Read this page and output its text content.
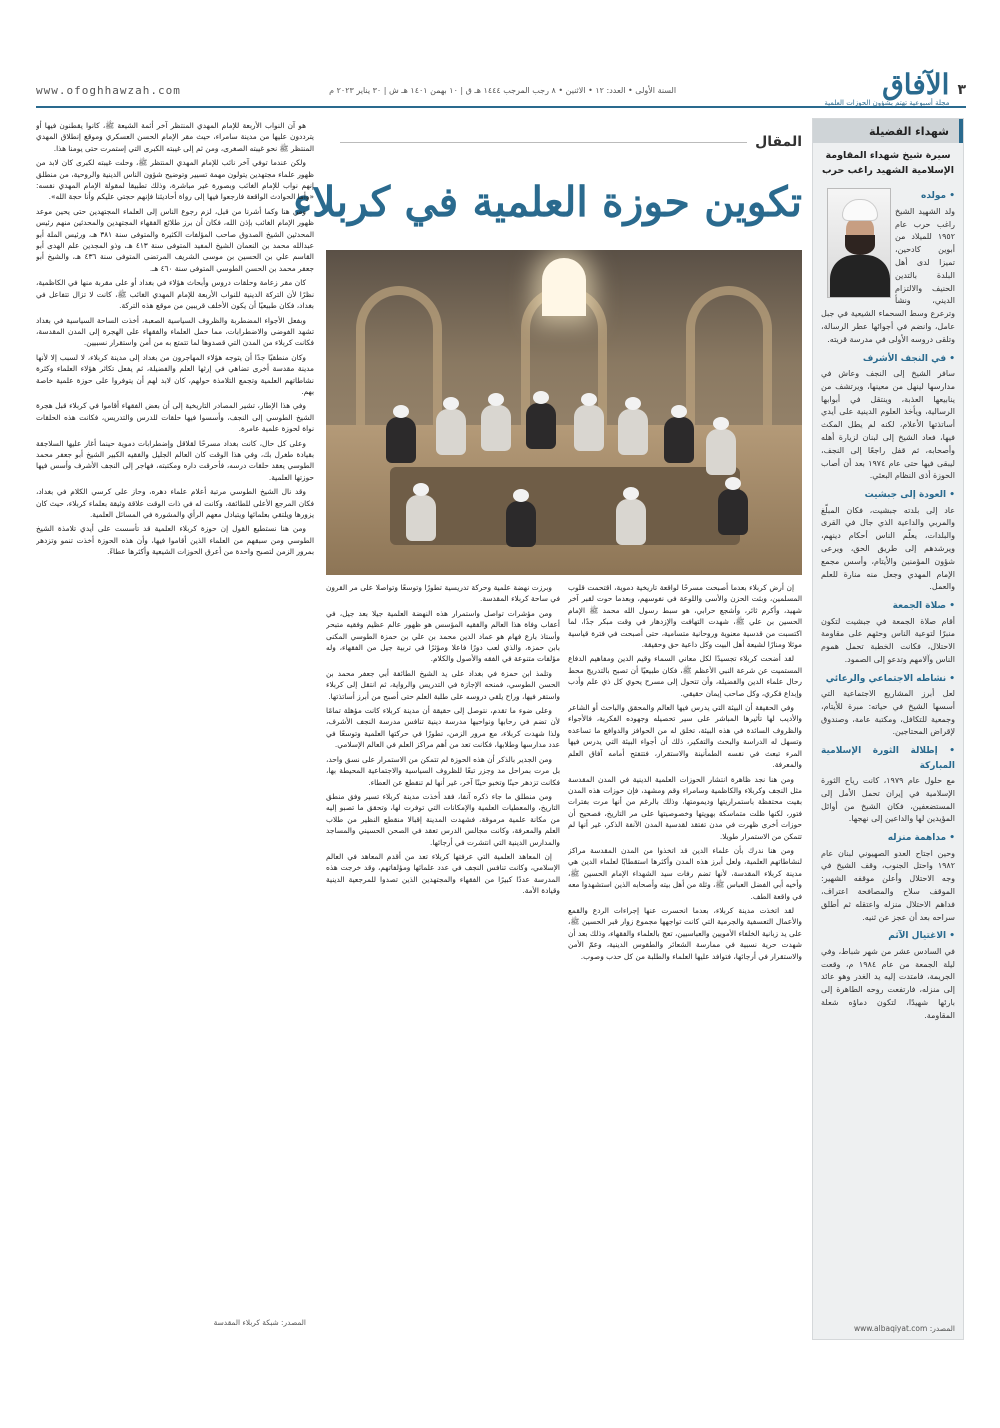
٣
الآفاق
مجلة أسبوعية تهتم بشؤون الحوزات العلمية
السنة الأولى • العدد: ١٢ • الاثنين • ٨ رجب المرجب ١٤٤٤ هـ ق | ١٠ بهمن ١٤٠١ هـ ش | ٣٠ يناير ٢٠٢٣ م
www.ofoghhawzah.com
شهداء الفضيلة
سيرة شيخ شهداء المقاومة الإسلامية الشهيد راغب حرب
• مولده

ولد الشهيد الشيخ راغب حرب عام ١٩٥٢ للميلاد من أبوين كادحين، تميزا لدى أهل البلدة بالتدين الحنيف والالتزام الديني، ونشأ وترعرع وسط السحماء الشيعية في جبل عامل، وانضم في أجوائها عطر الرسالة، وتلقى دروسه الأولى في مدرسة قريته.

• في النجف الأشرف

سافر الشيخ إلى النجف وعاش في مدارسها لينهل من معينها، ويرتشف من ينابيعها العذبة، وينتقل في أبوابها الرسالية، ويأخذ العلوم الدينية على أيدي أساتذتها الأعلام، لكنه لم يطل المكث فيها، فعاد الشيخ إلى لبنان لزيارة أهله وأصحابه، ثم قفل راجعًا إلى النجف، ليبقى فيها حتى عام ١٩٧٤ بعد أن أصاب الحوزة أذى النظام البعثي.

• العودة إلى جبشيت

عاد إلى بلدته جبشيت، فكان المبلّغ والمربي والداعية الذي جال في القرى والبلدات، يعلّم الناس أحكام دينهم، ويرشدهم إلى طريق الحق، ويرعى شؤون المؤمنين والأيتام، وأسس مجمع الإمام المهدي وجعل منه منارة للعلم والعمل.

• صلاة الجمعة

أقام صلاة الجمعة في جبشيت لتكون منبرًا لتوعية الناس وحثهم على مقاومة الاحتلال، فكانت الخطبة تحمل هموم الناس وآلامهم وتدعو إلى الصمود.

• نشاطه الاجتماعي والرعائي

لعل أبرز المشاريع الاجتماعية التي أسسها الشيخ في حياته: مبرة للأيتام، وجمعية للتكافل، ومكتبة عامة، وصندوق لإقراض المحتاجين.

• إطلالة الثورة الإسلامية المباركة

مع حلول عام ١٩٧٩، كانت رياح الثورة الإسلامية في إيران تحمل الأمل إلى المستضعفين، فكان الشيخ من أوائل المؤيدين لها والداعين إلى نهجها.

• مداهمة منزله

وحين اجتاح العدو الصهيوني لبنان عام ١٩٨٢ واحتل الجنوب، وقف الشيخ في وجه الاحتلال وأعلن موقفه الشهير: الموقف سلاح والمصافحة اعتراف، فداهم الاحتلال منزله واعتقله ثم أطلق سراحه بعد أن عجز عن ثنيه.

• الاغتيال الآثم

في السادس عشر من شهر شباط، وفي ليلة الجمعة من عام ١٩٨٤ م، وقعت الجريمة، فامتدت إليه يد الغدر وهو عائد إلى منزله، فارتفعت روحه الطاهرة إلى بارئها شهيدًا، لتكون دماؤه شعلة المقاومة.

المصدر: www.albaqiyat.com
المقال
تكوين حوزة العلمية في كربلاء

إن أرض كربلاء بعدما أصبحت مسرحًا لواقعة تاريخية دموية، اقتحمت قلوب المسلمين، وبثت الحزن والأسى واللوعة في نفوسهم، وبعدما حوت لقبر آخر شهيد، وأكرم ثائر، وأشجع حرابي، هو سبط رسول الله محمد ﷺ الإمام الحسين بن علي ﷺ، شهدت التهافت والإزدهار في وقت مبكر جدًا، لما اكتسبت من قدسية معنوية وروحانية متسامية، حتى أصبحت في فترة قياسية موئلا ومنارًا لشيعة أهل البيت وكل داعية حق وحقيقة.

لقد أضحت كربلاء تجسيدًا لكل معاني السماء وقيم الدين ومفاهيم الدفاع المستميت عن شرعة النبي الأعظم ﷺ، فكان طبيعيًا أن تصبح بالتدريج محط رحال علماء الدين والفضيلة، وأن تتحول إلى مسرح يحوي كل ذي علم وأدب وإبداع فكري، وكل صاحب إيمان حقيقي.

وفي الحقيقة أن البيئة التي يدرس فيها العالم والمحقق والباحث أو الشاعر والأديب لها تأثيرها المباشر على سير تحصيله وجهوده الفكرية، فالأجواء والظروف السائدة في هذه البيئة، تخلق له من الحوافز والدوافع ما تساعده وتسهل له الدراسة والبحث والتفكير، ذلك أن أجواء البيئة التي يدرس فيها المرء تبعث في نفسه الطمأنينة والاستقرار، فتتفتح أمامه آفاق العلم والمعرفة.

ومن هنا نجد ظاهرة انتشار الحوزات العلمية الدينية في المدن المقدسة مثل النجف وكربلاء والكاظمية وسامراء وقم ومشهد، فإن حوزات هذه المدن بقيت محتفظة باستمراريتها وديمومتها، وذلك بالرغم من أنها مرت بفترات فتور، لكنها ظلت متماسكة بهويتها وخصوصيتها على مر التاريخ، فصحيح أن حوزات أخرى ظهرت في مدن تفتقد لقدسية المدن الآنفة الذكر، غير أنها لم تتمكن من الاستمرار طويلا.

ومن هنا ندرك بأن علماء الدين قد اتخذوا من المدن المقدسة مراكز لنشاطاتهم العلمية، ولعل أبرز هذه المدن وأكثرها استقطابًا لعلماء الدين هي مدينة كربلاء المقدسة، لأنها تضم رفات سيد الشهداء الإمام الحسين ﷺ، وأخيه أبي الفضل العباس ﷺ، وثلة من أهل بيته وأصحابه الذين استشهدوا معه في واقعة الطف.

لقد اتخذت مدينة كربلاء، بعدما انحسرت عنها إجراءات الردع والقمع والأعمال التعسفية والجرمية التي كانت تواجهها مجموع زوار قبر الحسين ﷺ، على يد زبانية الخلفاء الأمويين والعباسيين، تعج بالعلماء والفقهاء، وذلك بعد أن شهدت حرية نسبية في ممارسة الشعائر والطقوس الدينية، وعمّ الأمن والاستقرار في أرجائها، فتوافد عليها العلماء والطلبة من كل حدب وصوب.

وبرزت نهضة علمية وحركة تدريسية تطورًا وتوسعًا وتواصلا على مر القرون في ساحة كربلاء المقدسة.

ومن مؤشرات تواصل واستمرار هذه النهضة العلمية جيلا بعد جيل، في أعقاب وفاة هذا العالم والفقيه المؤسس هو ظهور عالم عظيم وفقيه متبحر وأستاذ بارع فهام هو عماد الدين محمد بن علي بن حمزة الطوسي المكنى بابن حمزة، والذي لعب دورًا فاعلا ومؤثرًا في تربية جيل من الفقهاء، وله مؤلفات متنوعة في الفقه والأصول والكلام.

وتلمذ ابن حمزة في بغداد على يد الشيخ الطائفة أبي جعفر محمد بن الحسن الطوسي، فمنحه الإجازة في التدريس والرواية، ثم انتقل إلى كربلاء واستقر فيها، وراح يلقي دروسه على طلبة العلم حتى أصبح من أبرز أساتذتها.

وعلى ضوء ما تقدم، نتوصل إلى حقيقة أن مدينة كربلاء كانت مؤهلة تمامًا لأن تضم في رحابها ونواحيها مدرسة دينية تنافس مدرسة النجف الأشرف، ولذا شهدت كربلاء، مع مرور الزمن، تطورًا في حركتها العلمية وتوسعًا في عدد مدارسها وطلابها، فكانت تعد من أهم مراكز العلم في العالم الإسلامي.

ومن الجدير بالذكر أن هذه الحوزة لم تتمكن من الاستمرار على نسق واحد، بل مرت بمراحل مد وجزر تبعًا للظروف السياسية والاجتماعية المحيطة بها، فكانت تزدهر حينًا وتخبو حينًا آخر، غير أنها لم تنقطع عن العطاء.

ومن منطلق ما جاء ذكره آنفا، فقد أخذت مدينة كربلاء تسير وفق منطق التاريخ، والمعطيات العلمية والإمكانات التي توفرت لها، وتحقق ما تصبو إليه من مكانة علمية مرموقة، فشهدت المدينة إقبالا منقطع النظير من طلاب العلم والمعرفة، وكانت مجالس الدرس تعقد في الصحن الحسيني والمساجد والمدارس الدينية التي انتشرت في أرجائها.

إن المعاهد العلمية التي عرفتها كربلاء تعد من أقدم المعاهد في العالم الإسلامي، وكانت تنافس النجف في عدد علمائها ومؤلفاتهم، وقد خرجت هذه المدرسة عددًا كبيرًا من الفقهاء والمجتهدين الذين تصدوا للمرجعية الدينية وقيادة الأمة.

هو آن النواب الأربعة للإمام المهدي المنتظر آخر أئمة الشيعة ﷺ، كانوا يقطنون فيها أو يترددون عليها من مدينة سامراء، حيث مقر الإمام الحسن العسكري وموقع إنطلاق المهدي المنتظر ﷺ نحو غيبته الصغرى، ومن ثم إلى غيبته الكبرى التي إستمرت حتى يومنا هذا.

ولكن عندما توفي آخر نائب للإمام المهدي المنتظر ﷺ، وحلت غيبته لكبرى كان لابد من ظهور علماء مجتهدين يتولون مهمة تسيير وتوضيح شؤون الناس الدينية والروحية، من منطلق إنهم نواب للإمام الغائب وبصورة غير مباشرة، وذلك تطبيقا لمقولة الإمام المهدي نفسه: «وأما الحوادث الواقعة فارجعوا فيها إلى رواة أحاديثنا فإنهم حجتي عليكم وأنا حجة الله».

ومن هنا وكما أشرنا من قبل، لزم رجوع الناس إلى العلماء المجتهدين حتى يحين موعد ظهور الإمام الغائب بإذن الله، فكان أن برز طلائع الفقهاء المجتهدين والمحدثين منهم رئيس المحدثين الشيخ الصدوق صاحب المؤلفات الكثيرة والمتوفى سنة ٣٨١ هـ، ورئيس الملة أبو عبدالله محمد بن النعمان الشيخ المفيد المتوفى سنة ٤١٣ هـ، وذو المجدين علم الهدى أبو القاسم علي بن الحسين بن موسى الشريف المرتضى المتوفى سنة ٤٣٦ هـ، والشيخ أبو جعفر محمد بن الحسن الطوسي المتوفى سنة ٤٦٠ هـ.

كان مقر زعامة وحلقات دروس وأبحاث هؤلاء في بغداد أو على مقربة منها في الكاظمية، نظرًا لأن التركة الدينية للنواب الأربعة للإمام المهدي الغائب ﷺ، كانت لا تزال تتفاعل في بغداد، فكان طبيعيًا أن يكون الأخلف قريبين من موقع هذه التركة.

وبفعل الأجواء المضطربة والظروف السياسية الصعبة، أخذت الساحة السياسية في بغداد تشهد الفوضى والاضطرابات، مما حمل العلماء والفقهاء على الهجرة إلى المدن المقدسة، فكانت كربلاء من المدن التي قصدوها لما تتمتع به من أمن واستقرار نسبيين.

وكان منطقيًا جدًا أن يتوجه هؤلاء المهاجرون من بغداد إلى مدينة كربلاء، لا لسبب إلا لأنها مدينة مقدسة أخرى تضاهي في إرثها العلم والفضيلة، ثم يفعل تكاثر هؤلاء العلماء وكثرة نشاطاتهم العلمية وتجمع التلامذة حولهم، كان لابد لهم أن يتوفروا على حوزة علمية خاصة بهم.

وفي هذا الإطار، تشير المصادر التاريخية إلى أن بعض الفقهاء أقاموا في كربلاء قبل هجرة الشيخ الطوسي إلى النجف، وأسسوا فيها حلقات للدرس والتدريس، فكانت هذه الحلقات نواة لحوزة علمية عامرة.

وعلى كل حال، كانت بغداد مسرحًا لقلاقل وإضطرابات دموية حينما أغار عليها السلاجقة بقيادة طغرل بك، وفي هذا الوقت كان العالم الجليل والفقيه الكبير الشيخ أبو جعفر محمد الطوسي يعقد حلقات درسه، فأحرقت داره ومكتبته، فهاجر إلى النجف الأشرف وأسس فيها حوزتها العلمية.

وقد نال الشيخ الطوسي مرتبة أعلام علماء دهره، وحاز على كرسي الكلام في بغداد، فكان المرجع الأعلى للطائفة، وكانت له في ذات الوقت علاقة وثيقة بعلماء كربلاء، حيث كان يزورها ويلتقي بعلمائها ويتبادل معهم الرأي والمشورة في المسائل العلمية.

ومن هنا نستطيع القول إن حوزة كربلاء العلمية قد تأسست على أيدي تلامذة الشيخ الطوسي ومن سبقهم من العلماء الذين أقاموا فيها، وأن هذه الحوزة أخذت تنمو وتزدهر بمرور الزمن لتصبح واحدة من أعرق الحوزات الشيعية وأكثرها عطاءً.

المصدر: شبكة كربلاء المقدسة
